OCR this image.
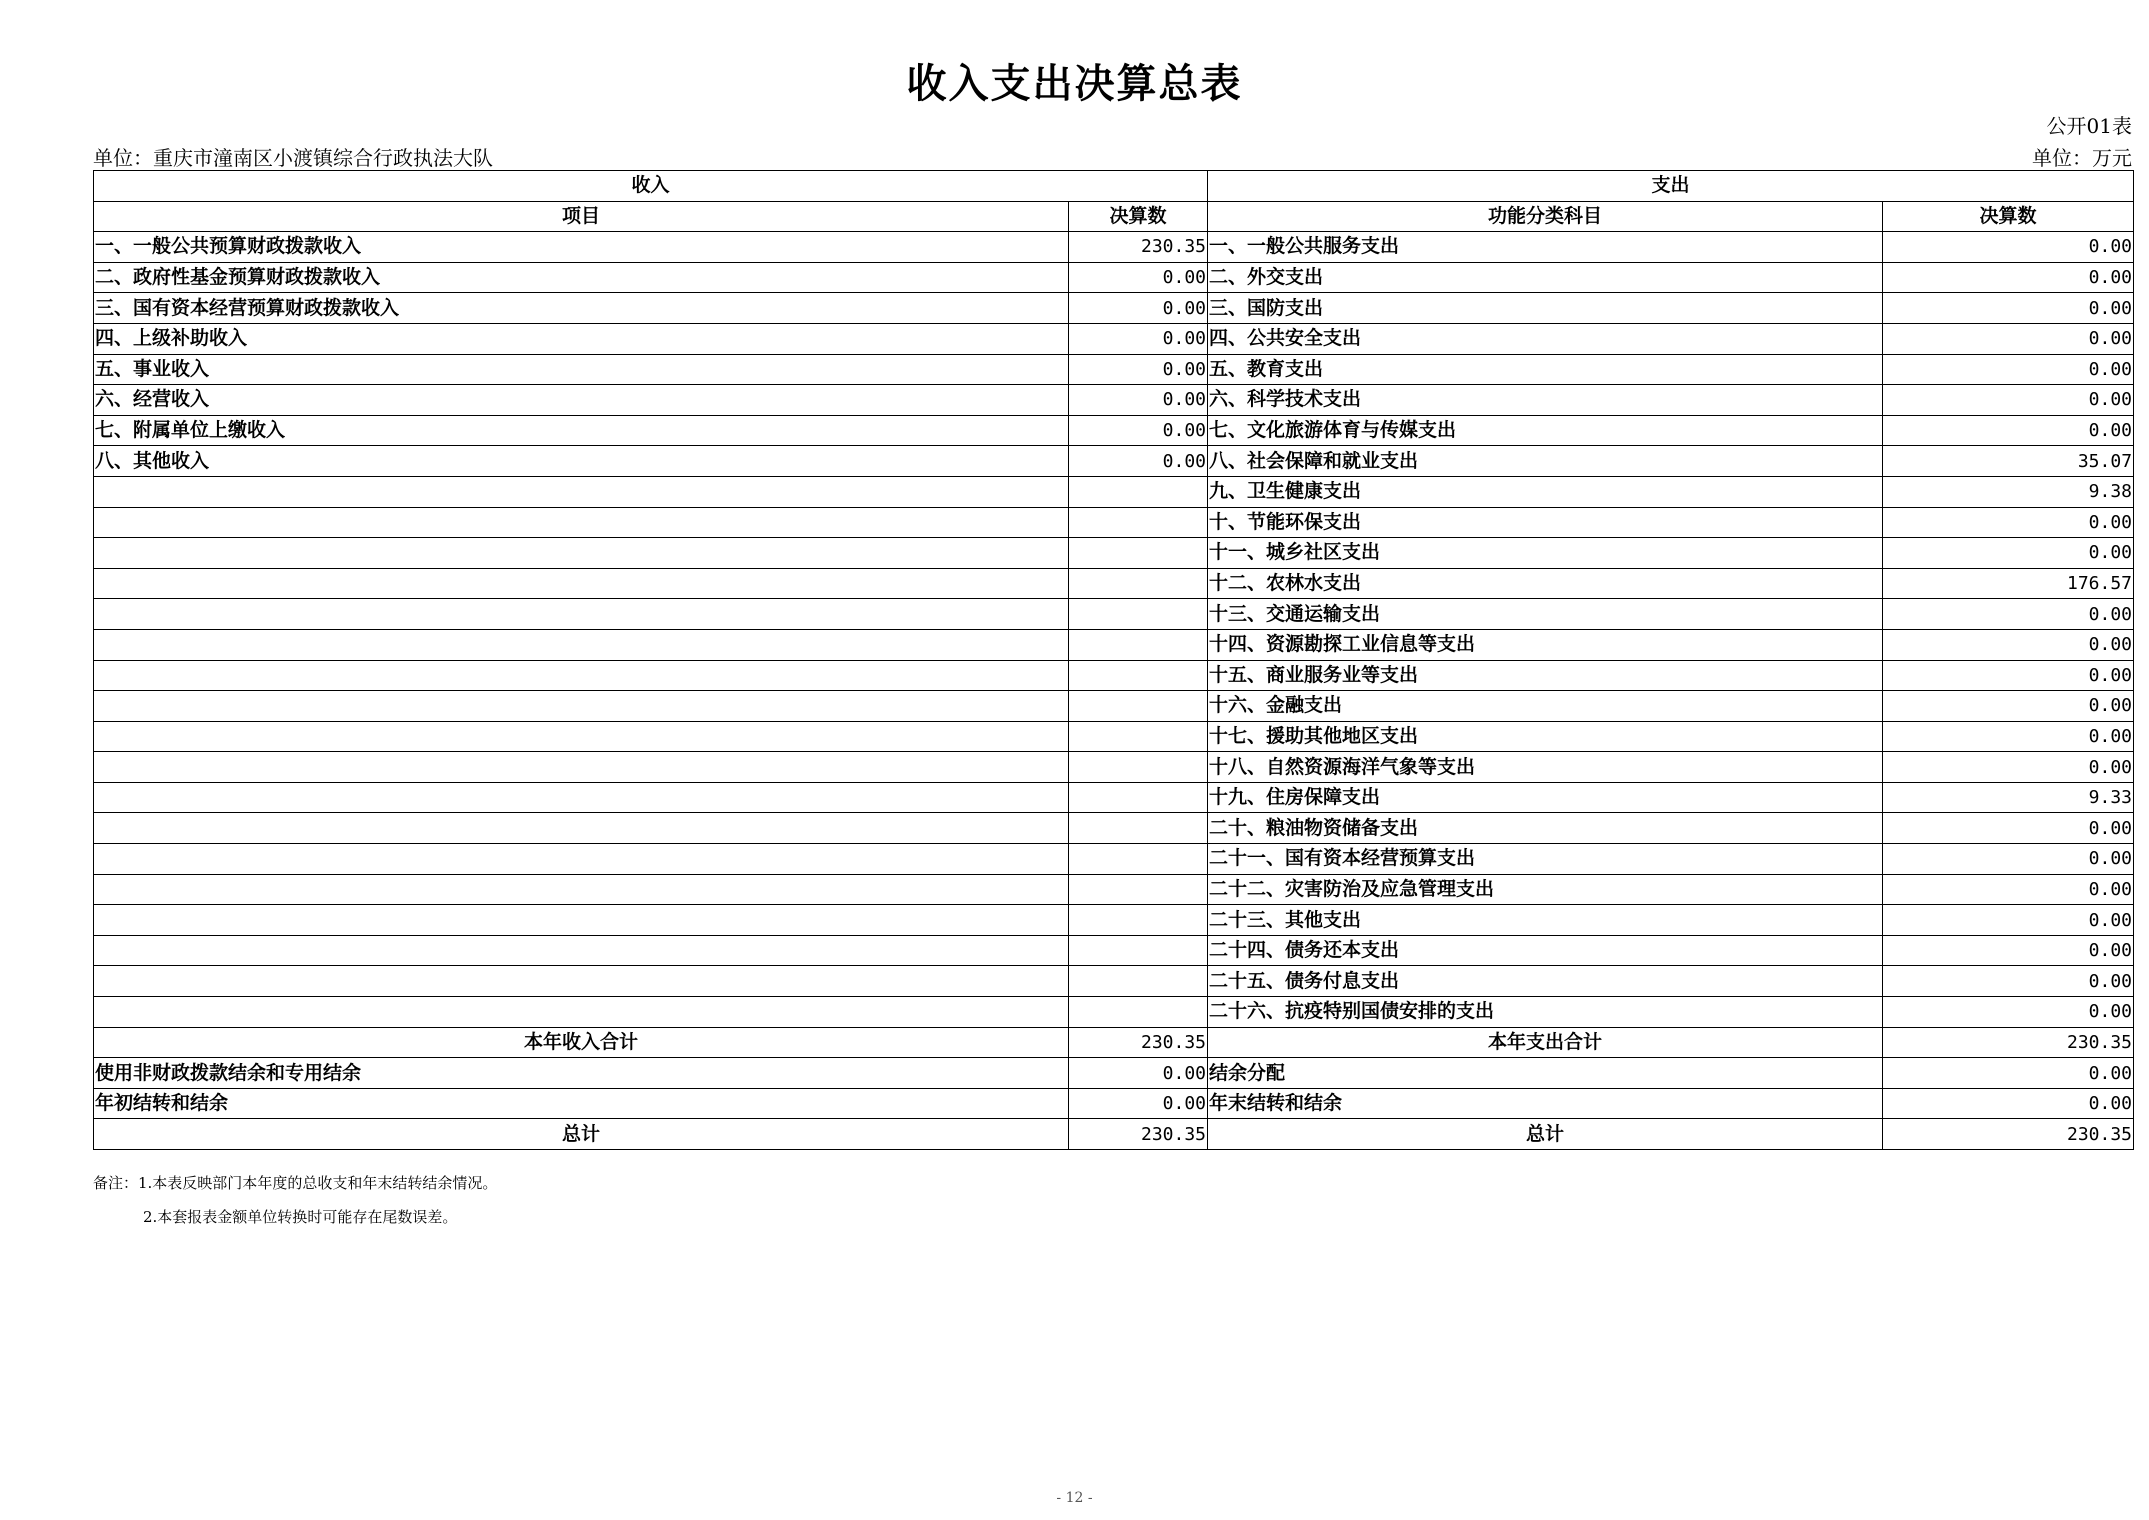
收入支出决算总表
公开01表
单位：重庆市潼南区小渡镇综合行政执法大队	单位：万元
收入		支出	
项目	决算数	功能分类科目	决算数
一、一般公共预算财政拨款收入	230.35	一、一般公共服务支出	0.00
二、政府性基金预算财政拨款收入	0.00	二、外交支出	0.00
三、国有资本经营预算财政拨款收入	0.00	三、国防支出	0.00
四、上级补助收入	0.00	四、公共安全支出	0.00
五、事业收入	0.00	五、教育支出	0.00
六、经营收入	0.00	六、科学技术支出	0.00
七、附属单位上缴收入	0.00	七、文化旅游体育与传媒支出	0.00
八、其他收入	0.00	八、社会保障和就业支出	35.07
		九、卫生健康支出	9.38
		十、节能环保支出	0.00
		十一、城乡社区支出	0.00
		十二、农林水支出	176.57
		十三、交通运输支出	0.00
		十四、资源勘探工业信息等支出	0.00
		十五、商业服务业等支出	0.00
		十六、金融支出	0.00
		十七、援助其他地区支出	0.00
		十八、自然资源海洋气象等支出	0.00
		十九、住房保障支出	9.33
		二十、粮油物资储备支出	0.00
		二十一、国有资本经营预算支出	0.00
		二十二、灾害防治及应急管理支出	0.00
		二十三、其他支出	0.00
		二十四、债务还本支出	0.00
		二十五、债务付息支出	0.00
		二十六、抗疫特别国债安排的支出	0.00
本年收入合计	230.35	本年支出合计	230.35
使用非财政拨款结余和专用结余	0.00	结余分配	0.00
年初结转和结余	0.00	年末结转和结余	0.00
总计	230.35	总计	230.35
备注：1.本表反映部门本年度的总收支和年末结转结余情况。
2.本套报表金额单位转换时可能存在尾数误差。
- 12 -
